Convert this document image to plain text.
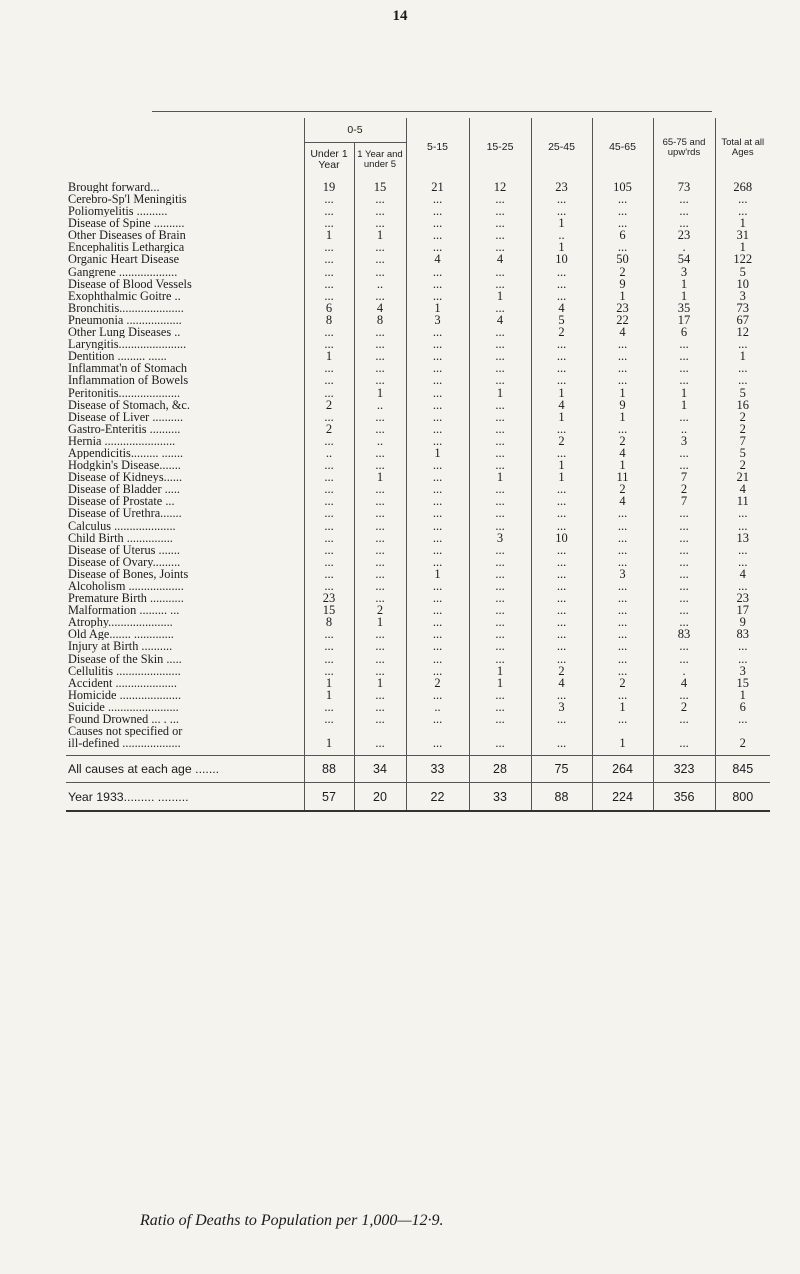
14
	0-5		5-15	15-25	25-45	45-65	65-75 and upw'rds	Total at all Ages
	Under 1 Year	1 Year and under 5						
Brought forward...	19	15	21	12	23	105	73	268
Cerebro-Sp'l Meningitis	...	...	...	...	...	...	...	...
Poliomyelitis ..........	...	...	...	...	...	...	...	...
Disease of Spine ..........	...	...	...	...	1	...	...	1
Other Diseases of Brain	1	1	...	...	..	6	23	31
Encephalitis Lethargica	...	...	...	...	1	...	.	1
Organic Heart Disease	...	...	4	4	10	50	54	122
Gangrene ...................	...	...	...	...	...	2	3	5
Disease of Blood Vessels	...	..	...	...	...	9	1	10
Exophthalmic Goitre ..	...	...	...	1	...	1	1	3
Bronchitis.....................	6	4	1	...	4	23	35	73
Pneumonia ..................	8	8	3	4	5	22	17	67
Other Lung Diseases ..	...	...	...	...	2	4	6	12
Laryngitis......................	...	...	...	...	...	...	...	...
Dentition ......... ......	1	...	...	...	...	...	...	1
Inflammat'n of Stomach	...	...	...	...	...	...	...	...
Inflammation of Bowels	...	...	...	...	...	...	...	...
Peritonitis....................	...	1	...	1	1	1	1	5
Disease of Stomach, &c.	2	..	...	...	4	9	1	16
Disease of Liver ..........	...	...	...	...	1	1	...	2
Gastro-Enteritis ..........	2	...	...	...	...	...	..	2
Hernia .......................	...	..	...	...	2	2	3	7
Appendicitis......... .......	..	...	1	...	...	4	...	5
Hodgkin's Disease.......	...	...	...	...	1	1	...	2
Disease of Kidneys......	...	1	...	1	1	11	7	21
Disease of Bladder .....	...	...	...	...	...	2	2	4
Disease of Prostate ...	...	...	...	...	...	4	7	11
Disease of Urethra.......	...	...	...	...	...	...	...	...
Calculus ....................	...	...	...	...	...	...	...	...
Child Birth ...............	...	...	...	3	10	...	...	13
Disease of Uterus .......	...	...	...	...	...	...	...	...
Disease of Ovary.........	...	...	...	...	...	...	...	...
Disease of Bones, Joints	...	...	1	...	...	3	...	4
Alcoholism ..................	...	...	...	...	...	...	...	...
Premature Birth ...........	23	...	...	...	...	...	...	23
Malformation ......... ...	15	2	...	...	...	...	...	17
Atrophy.....................	8	1	...	...	...	...	...	9
Old Age....... .............	...	...	...	...	...	...	83	83
Injury at Birth ..........	...	...	...	...	...	...	...	...
Disease of the Skin .....	...	...	...	...	...	...	...	...
Cellulitis .....................	...	...	...	1	2	...	.	3
Accident ....................	1	1	2	1	4	2	4	15
Homicide ....................	1	...	...	...	...	...	...	1
Suicide .......................	...	...	..	...	3	1	2	6
Found Drowned ... . ...	...	...	...	...	...	...	...	...
Causes not specified or								
ill-defined ...................	1	...	...	...	...	1	...	2

All causes at each age .......	88	34	33	28	75	264	323	845
Year 1933......... .........	57	20	22	33	88	224	356	800
Ratio of Deaths to Population per 1,000—12·9.
